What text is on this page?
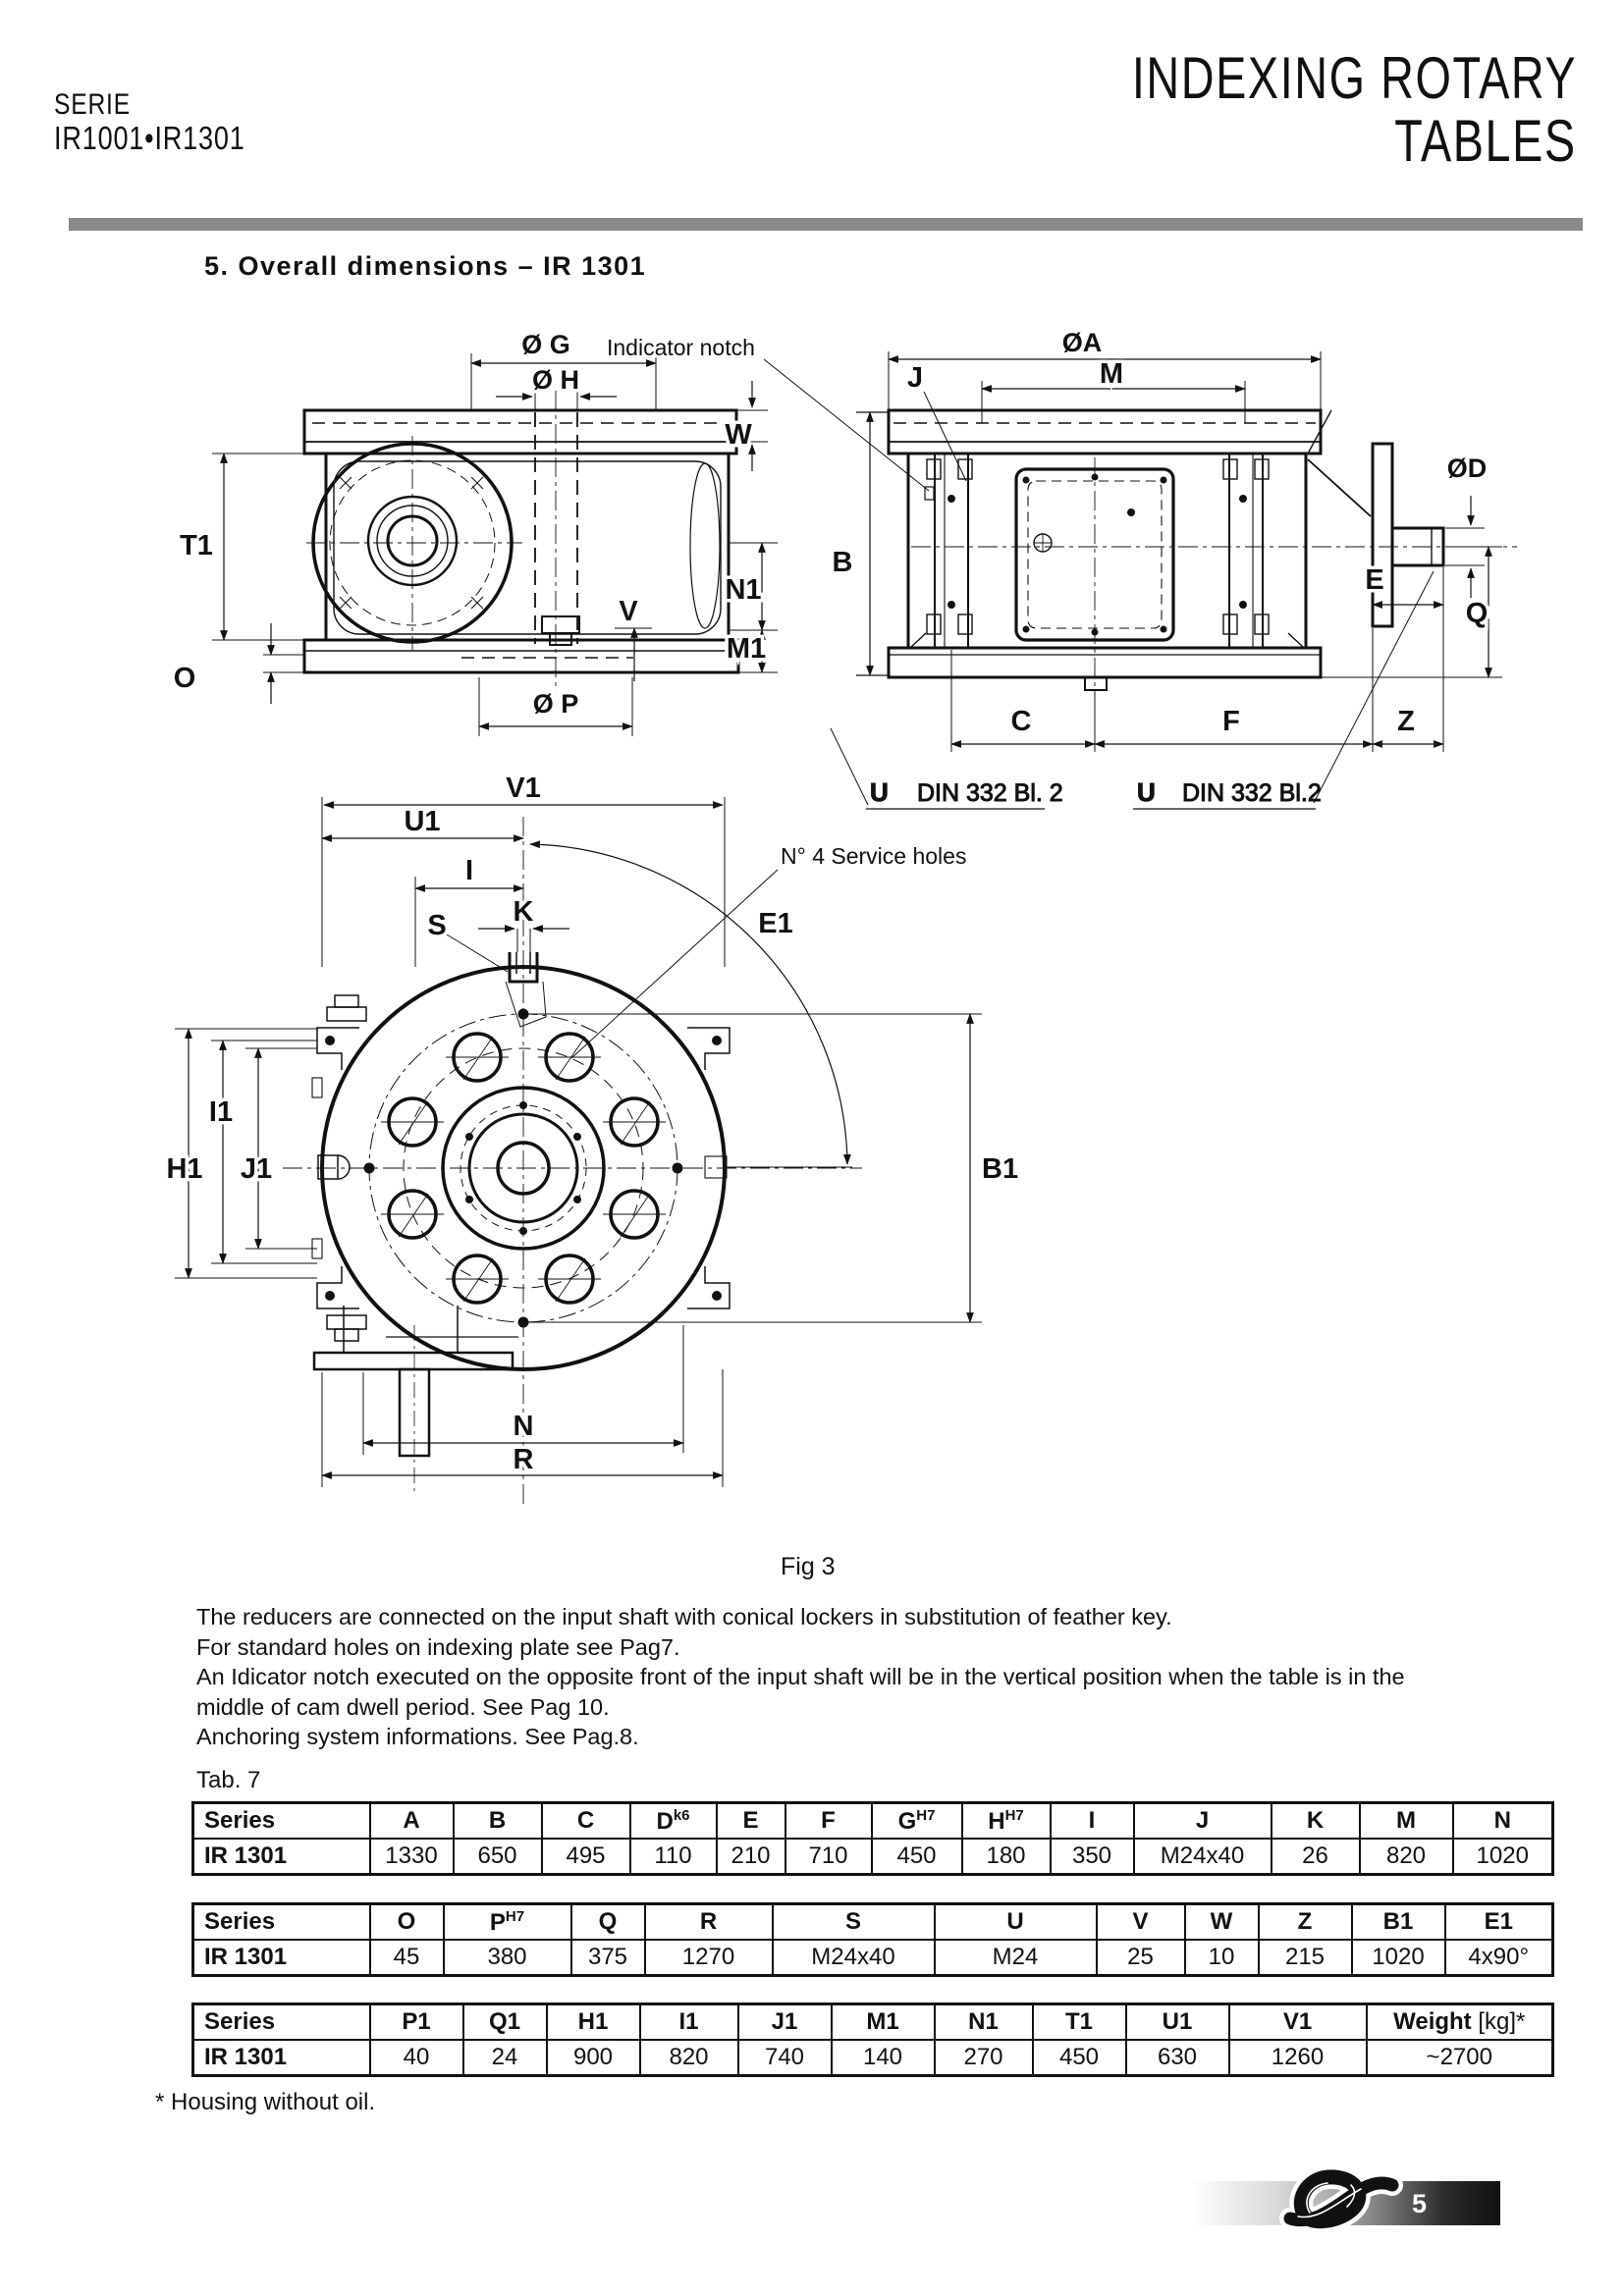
SERIE
IR1001•IR1301
INDEXING ROTARY
TABLES
5. Overall dimensions – IR 1301
T1
O
Ø G
Ø H
W
B
N1
M1
V
Ø P
Indicator notch	ØA
M
J
ØD
E
Q
C	F	Z
U DIN 332 Bl. 2	U DIN 332 Bl.2
V1
U1
I
K
S	E1
H1
I1
J1	B1
N
R
N° 4 Service holes
Fig 3
The reducers are connected on the input shaft with conical lockers in substitution of feather key.
For standard holes on indexing plate see Pag7.
An Idicator notch executed on the opposite front of the input shaft will be in the vertical position when the table is in the
middle of cam dwell period. See Pag 10.
Anchoring system informations. See Pag.8.
Tab. 7
Series	A	B	C	$D^{k6}$	E	F	$G^{H7}$	$H^{H7}$	I	J	K	M	N
IR 1301	1330	650	495	110	210	710	450	180	350	M24x40	26	820	1020
Series	O	$P^{H7}$	Q	R	S	U	V	W	Z	B1	E1
IR 1301	45	380	375	1270	M24x40	M24	25	10	215	1020	4x90°
Series	P1	Q1	H1	I1	J1	M1	N1	T1	U1	V1	Weight [kg]*
IR 1301	40	24	900	820	740	140	270	450	630	1260	~2700
* Housing without oil.
5
